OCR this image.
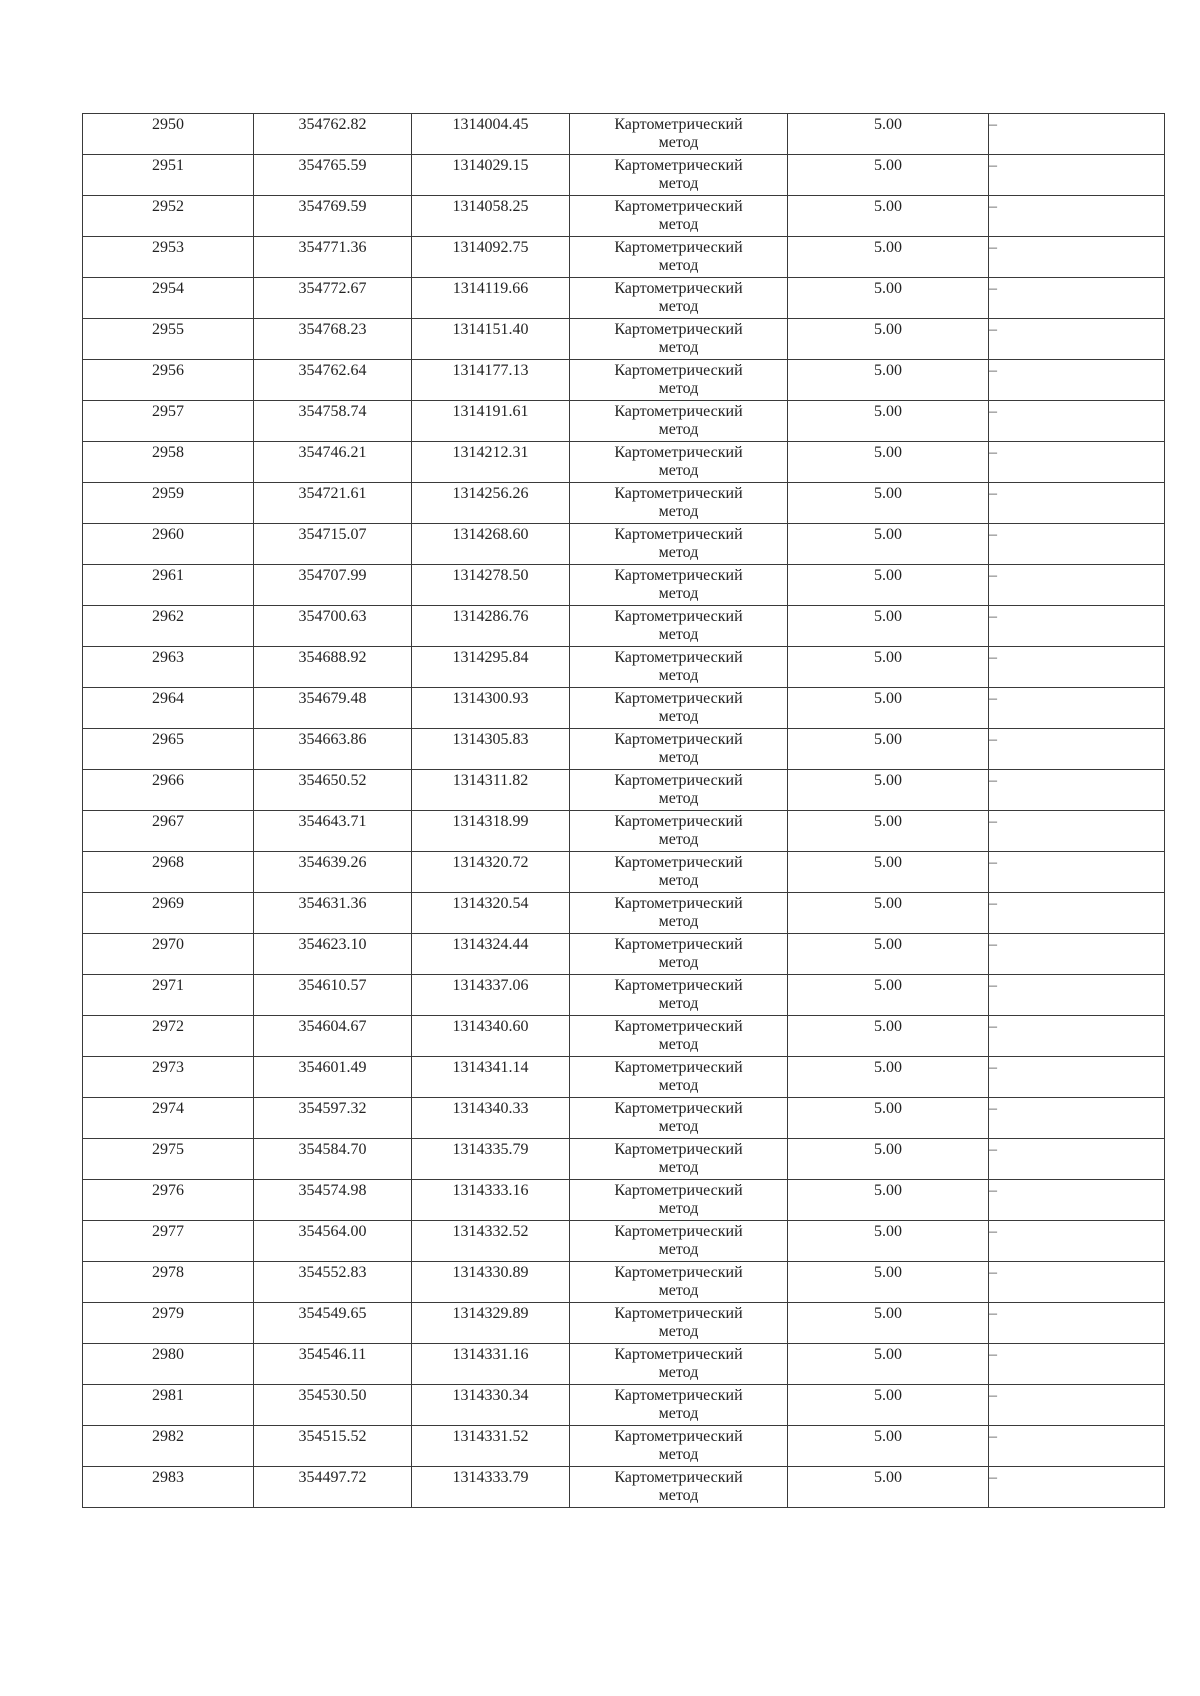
2950	354762.82	1314004.45	Картометрический
метод	5.00	–
2951	354765.59	1314029.15	Картометрический
метод	5.00	–
2952	354769.59	1314058.25	Картометрический
метод	5.00	–
2953	354771.36	1314092.75	Картометрический
метод	5.00	–
2954	354772.67	1314119.66	Картометрический
метод	5.00	–
2955	354768.23	1314151.40	Картометрический
метод	5.00	–
2956	354762.64	1314177.13	Картометрический
метод	5.00	–
2957	354758.74	1314191.61	Картометрический
метод	5.00	–
2958	354746.21	1314212.31	Картометрический
метод	5.00	–
2959	354721.61	1314256.26	Картометрический
метод	5.00	–
2960	354715.07	1314268.60	Картометрический
метод	5.00	–
2961	354707.99	1314278.50	Картометрический
метод	5.00	–
2962	354700.63	1314286.76	Картометрический
метод	5.00	–
2963	354688.92	1314295.84	Картометрический
метод	5.00	–
2964	354679.48	1314300.93	Картометрический
метод	5.00	–
2965	354663.86	1314305.83	Картометрический
метод	5.00	–
2966	354650.52	1314311.82	Картометрический
метод	5.00	–
2967	354643.71	1314318.99	Картометрический
метод	5.00	–
2968	354639.26	1314320.72	Картометрический
метод	5.00	–
2969	354631.36	1314320.54	Картометрический
метод	5.00	–
2970	354623.10	1314324.44	Картометрический
метод	5.00	–
2971	354610.57	1314337.06	Картометрический
метод	5.00	–
2972	354604.67	1314340.60	Картометрический
метод	5.00	–
2973	354601.49	1314341.14	Картометрический
метод	5.00	–
2974	354597.32	1314340.33	Картометрический
метод	5.00	–
2975	354584.70	1314335.79	Картометрический
метод	5.00	–
2976	354574.98	1314333.16	Картометрический
метод	5.00	–
2977	354564.00	1314332.52	Картометрический
метод	5.00	–
2978	354552.83	1314330.89	Картометрический
метод	5.00	–
2979	354549.65	1314329.89	Картометрический
метод	5.00	–
2980	354546.11	1314331.16	Картометрический
метод	5.00	–
2981	354530.50	1314330.34	Картометрический
метод	5.00	–
2982	354515.52	1314331.52	Картометрический
метод	5.00	–
2983	354497.72	1314333.79	Картометрический
метод	5.00	–
